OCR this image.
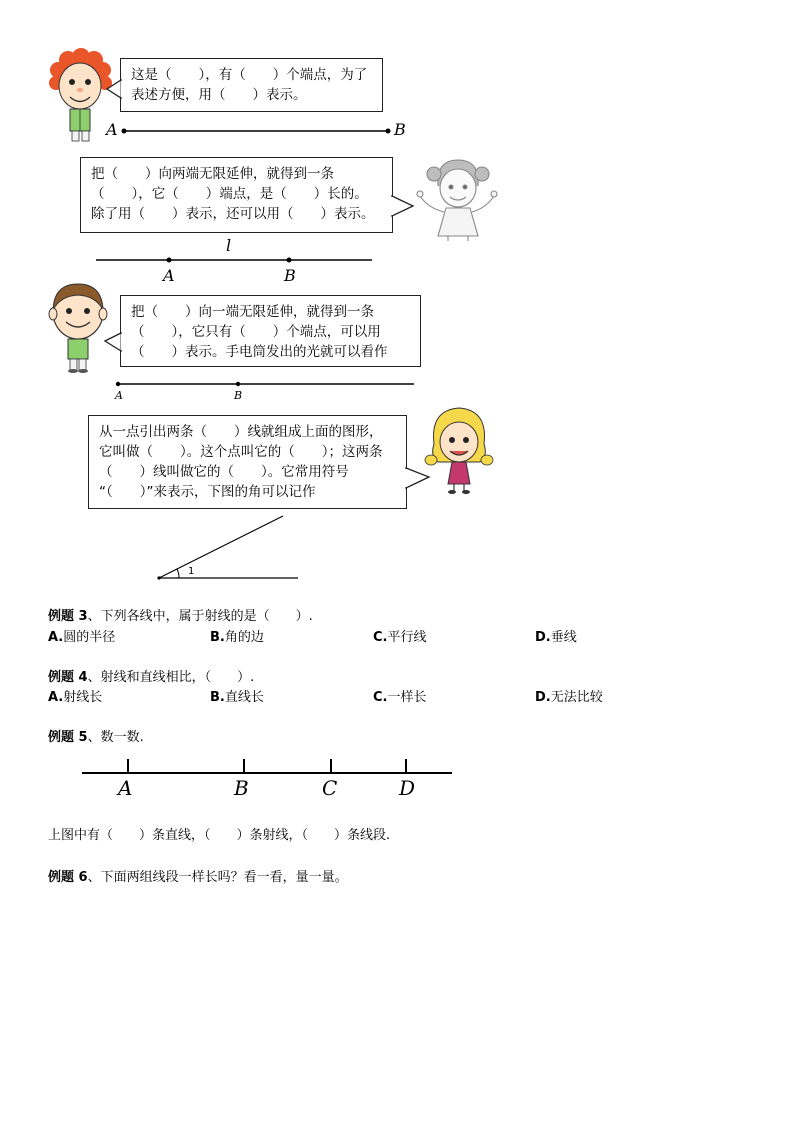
这是（　　），有（　　）个端点，为了
表述方便，用（　　）表示。
A	B
把（　　）向两端无限延伸，就得到一条
（　　），它（　　）端点，是（　　）长的。
除了用（　　）表示，还可以用（　　）表示。
l
A	B
把（　　）向一端无限延伸，就得到一条
（　　），它只有（　　）个端点，可以用
（　　）表示。手电筒发出的光就可以看作
A	B
从一点引出两条（　　）线就组成上面的图形，
它叫做（　　）。这个点叫它的（　　）；这两条
（　　）线叫做它的（　　）。它常用符号
“（　　）”来表示，下图的角可以记作
1
例题 3、下列各线中，属于射线的是（　　）.
A.圆的半径	B.角的边	C.平行线	D.垂线
例题 4、射线和直线相比，（　　）.
A.射线长	B.直线长	C.一样长	D.无法比较
例题 5、数一数.
A	B	C	D
上图中有（　　）条直线，（　　）条射线，（　　）条线段.
例题 6、下面两组线段一样长吗？看一看，量一量。
